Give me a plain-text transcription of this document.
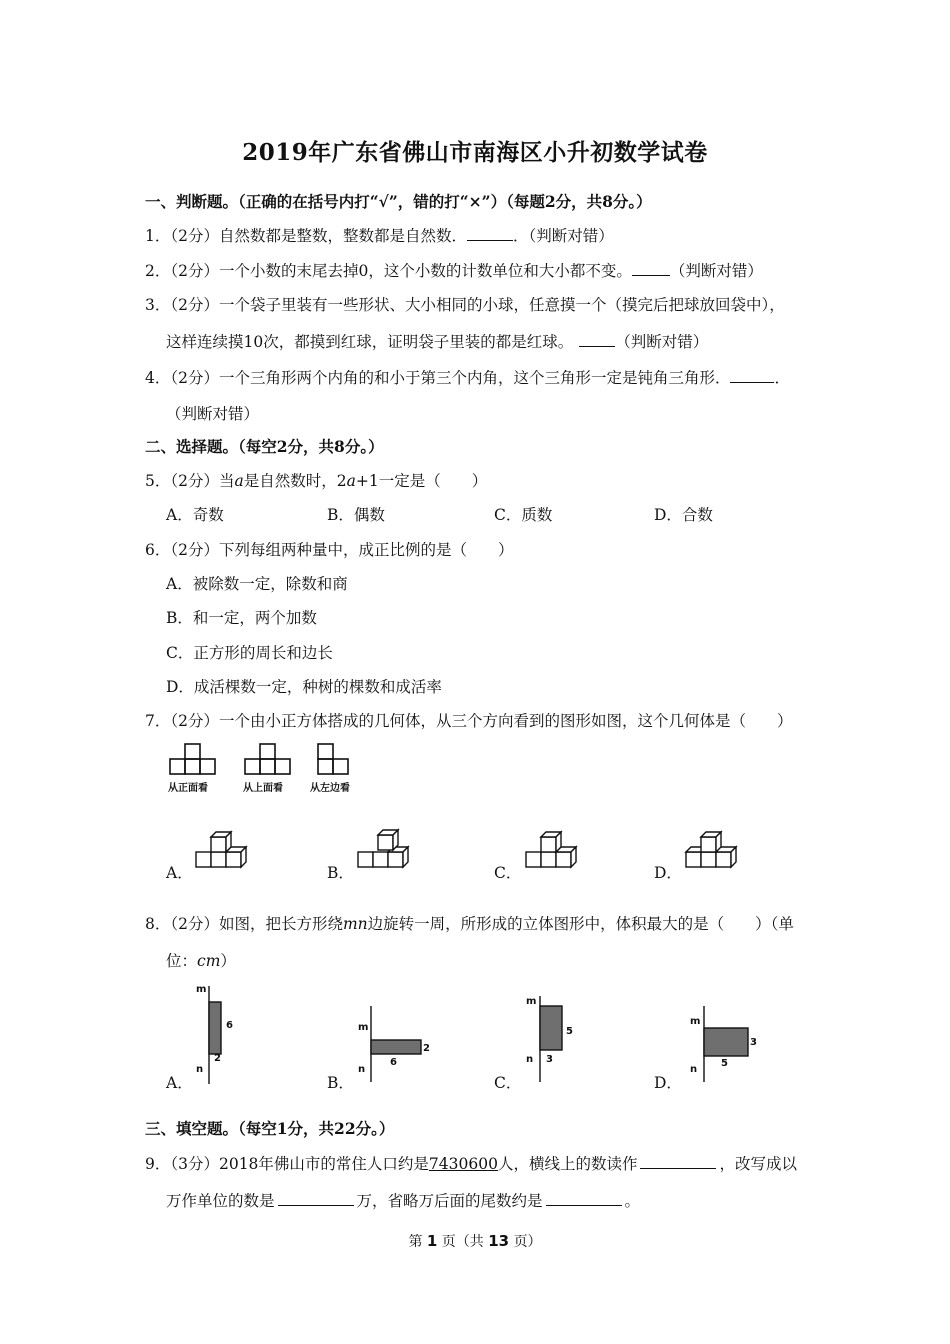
2019年广东省佛山市南海区小升初数学试卷
一、判断题。（正确的在括号内打“√”，错的打“×”）（每题2分，共8分。）
1．（2分）自然数都是整数，整数都是自然数．	．（判断对错）
2．（2分）一个小数的末尾去掉0，这个小数的计数单位和大小都不变。 （判断对错）
3．（2分）一个袋子里装有一些形状、大小相同的小球，任意摸一个（摸完后把球放回袋中），
这样连续摸10次，都摸到红球，证明袋子里装的都是红球。	（判断对错）
4．（2分）一个三角形两个内角的和小于第三个内角，这个三角形一定是钝角三角形．	．
（判断对错）
二、选择题。（每空2分，共8分。）
5．（2分）当a是自然数时，2a+1一定是（　　）
A．奇数	B．偶数	C．质数	D．合数
6．（2分）下列每组两种量中，成正比例的是（　　）
A．被除数一定，除数和商
B．和一定，两个加数
C．正方形的周长和边长
D．成活棵数一定，种树的棵数和成活率
7．（2分）一个由小正方体搭成的几何体，从三个方向看到的图形如图，这个几何体是（　　）
从正面看	从上面看	从左边看
A．	B．	C．	D．
8．（2分）如图，把长方形绕mn边旋转一周，所形成的立体图形中，体积最大的是（　　）（单
位：cm）
A．
m
n
6
2
B．
m
n
2
6
C．
m
n
5
3
D．
m
n
3
5
三、填空题。（每空1分，共22分。）
9．（3分）2018年佛山市的常住人口约是7430600人，横线上的数读作	，改写成以
万作单位的数是	万，省略万后面的尾数约是	。
第 1 页（共 13 页）
